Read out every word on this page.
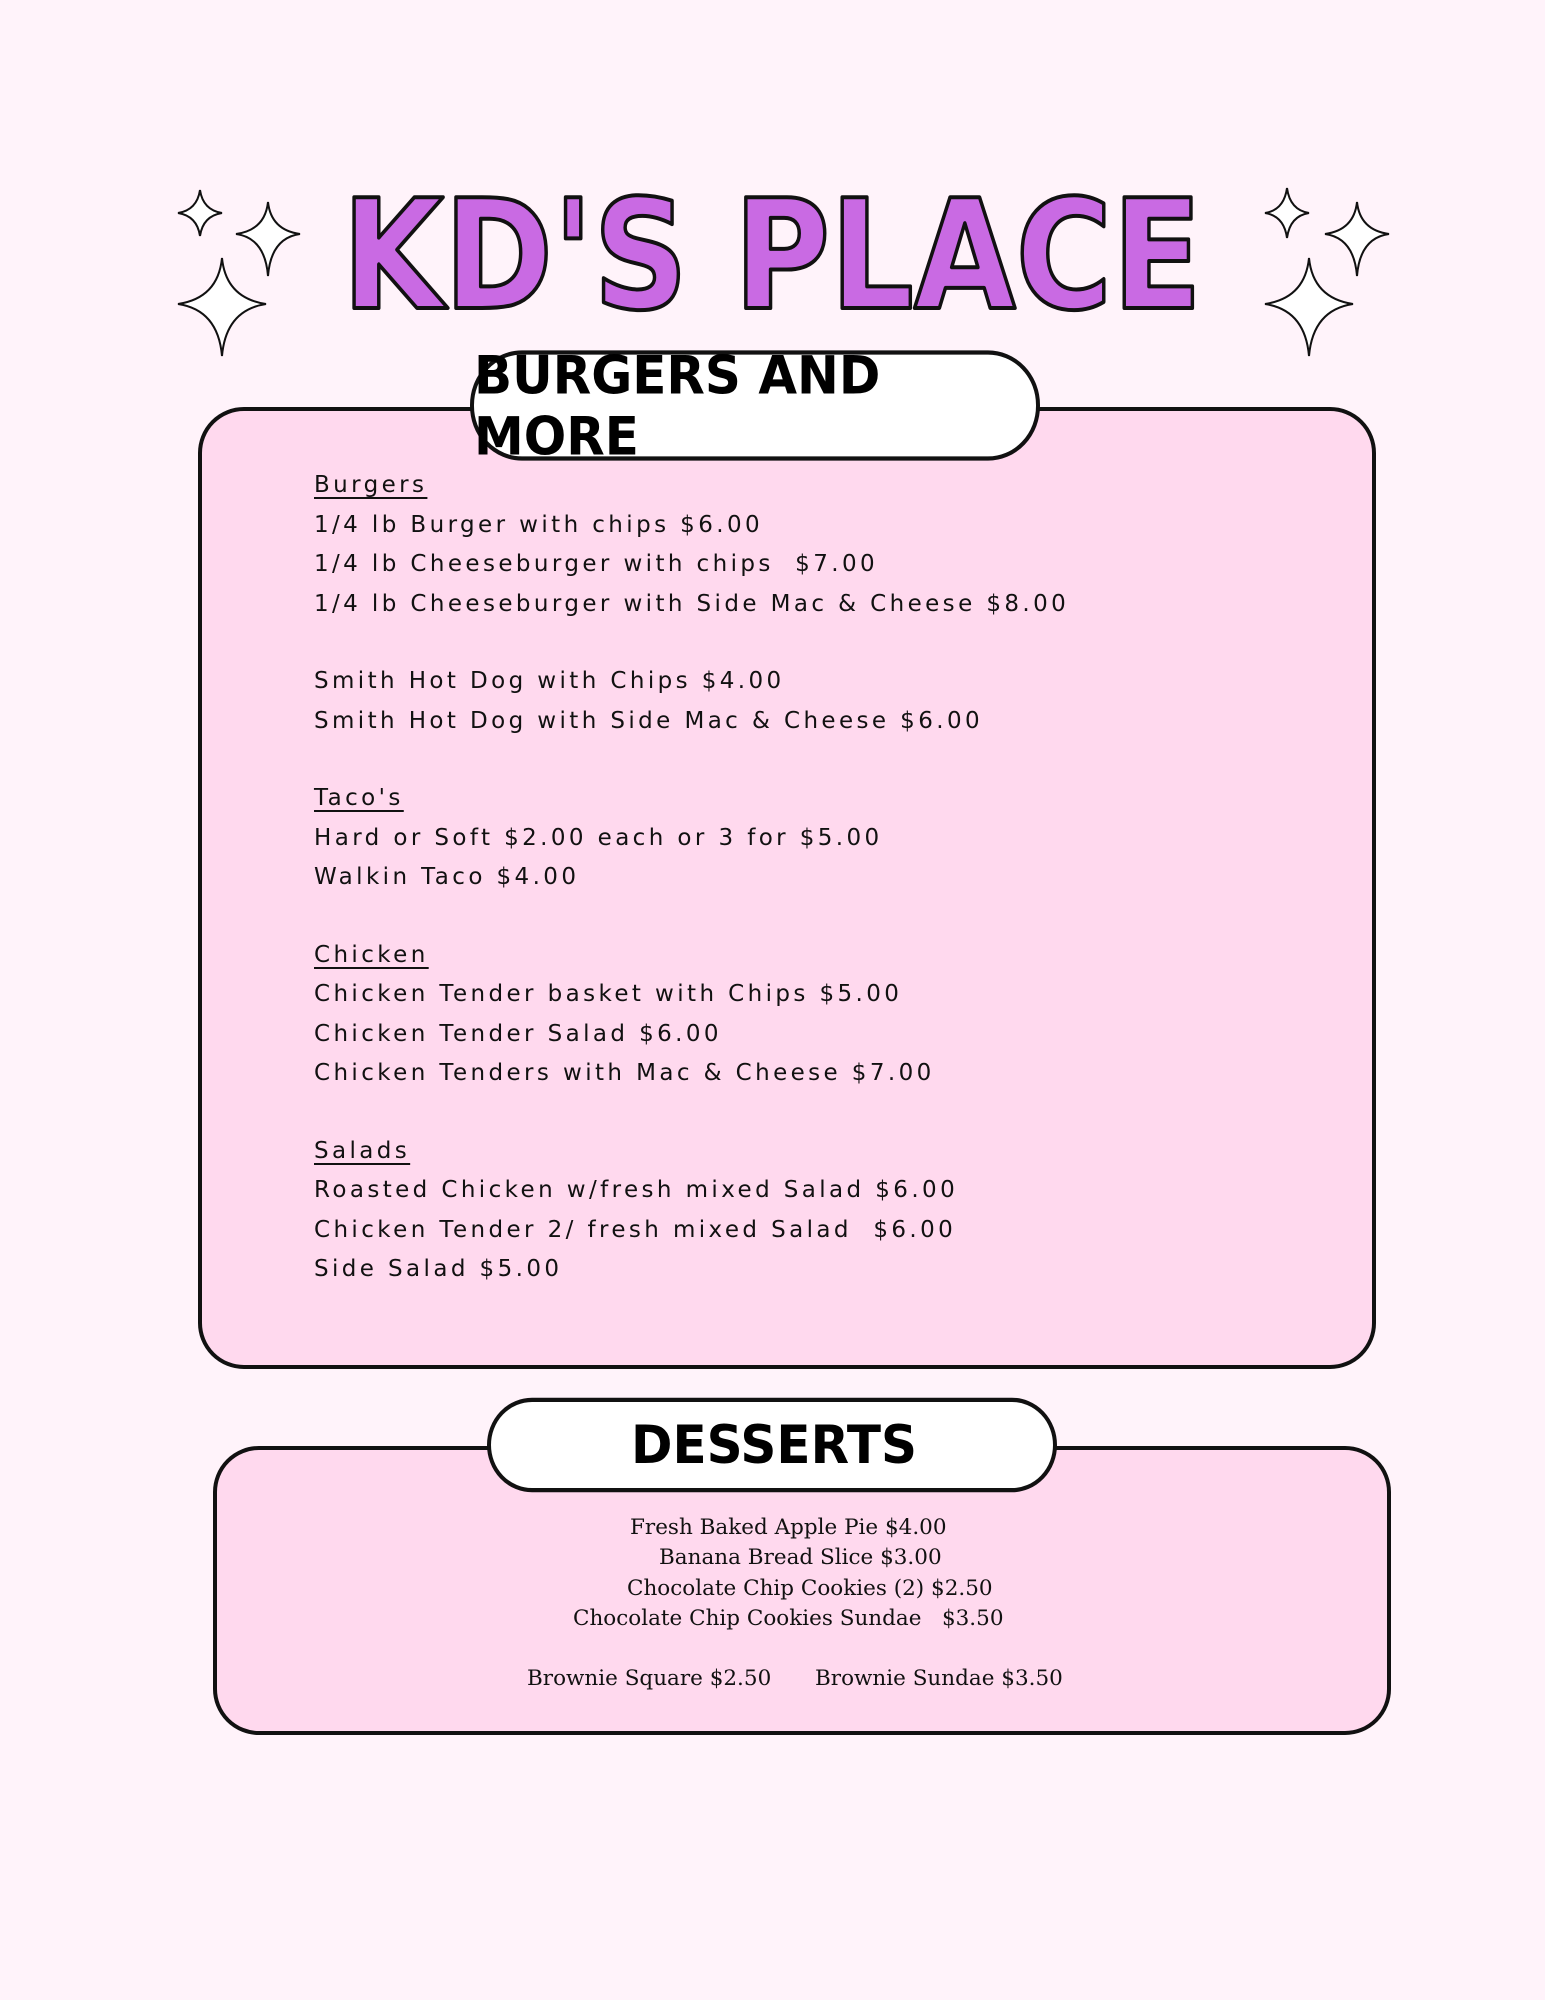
KD'S PLACE
BURGERS AND MORE
Burgers
1/4 lb Burger with chips $6.00
1/4 lb Cheeseburger with chips  $7.00
1/4 lb Cheeseburger with Side Mac & Cheese $8.00
Smith Hot Dog with Chips $4.00
Smith Hot Dog with Side Mac & Cheese $6.00
Taco's
Hard or Soft $2.00 each or 3 for $5.00
Walkin Taco $4.00
Chicken
Chicken Tender basket with Chips $5.00
Chicken Tender Salad $6.00
Chicken Tenders with Mac & Cheese $7.00
Salads
Roasted Chicken w/fresh mixed Salad $6.00
Chicken Tender 2/ fresh mixed Salad  $6.00
Side Salad $5.00
DESSERTS
Fresh Baked Apple Pie $4.00
Banana Bread Slice $3.00
Chocolate Chip Cookies (2) $2.50
Chocolate Chip Cookies Sundae   $3.50
Brownie Square $2.50 Brownie Sundae $3.50
